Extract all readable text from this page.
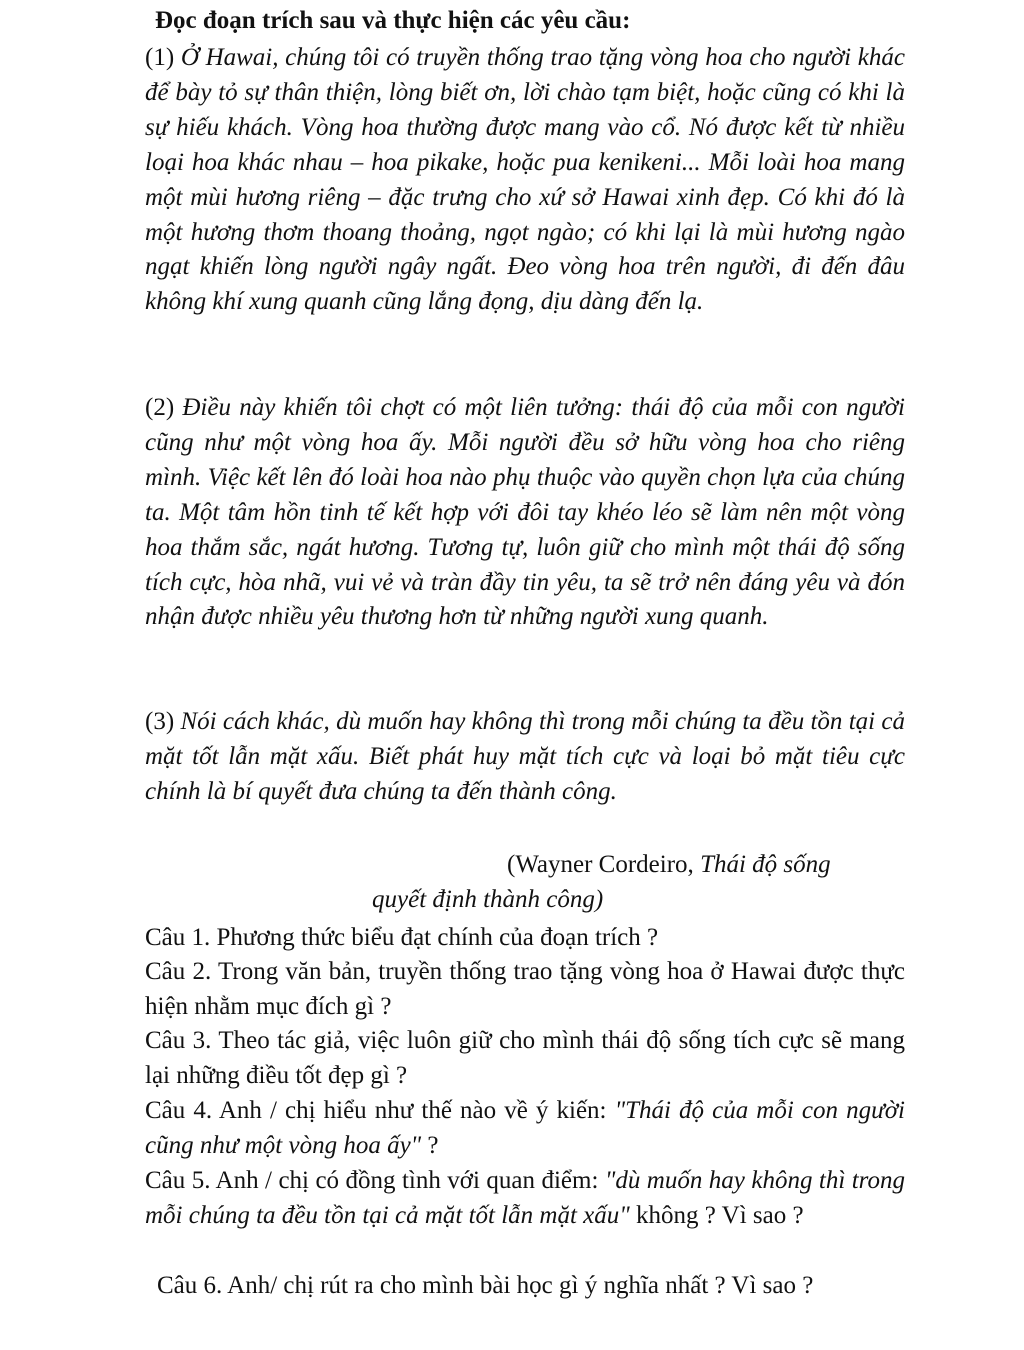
Đọc đoạn trích sau và thực hiện các yêu cầu:
(1) Ở Hawai, chúng tôi có truyền thống trao tặng vòng hoa cho người khác để bày tỏ sự thân thiện, lòng biết ơn, lời chào tạm biệt, hoặc cũng có khi là sự hiếu khách. Vòng hoa thường được mang vào cổ. Nó được kết từ nhiều loại hoa khác nhau – hoa pikake, hoặc pua kenikeni... Mỗi loài hoa mang một mùi hương riêng – đặc trưng cho xứ sở Hawai xinh đẹp. Có khi đó là một hương thơm thoang thoảng, ngọt ngào; có khi lại là mùi hương ngào ngạt khiến lòng người ngây ngất. Đeo vòng hoa trên người, đi đến đâu không khí xung quanh cũng lắng đọng, dịu dàng đến lạ.
(2) Điều này khiến tôi chợt có một liên tưởng: thái độ của mỗi con người cũng như một vòng hoa ấy. Mỗi người đều sở hữu vòng hoa cho riêng mình. Việc kết lên đó loài hoa nào phụ thuộc vào quyền chọn lựa của chúng ta. Một tâm hồn tinh tế kết hợp với đôi tay khéo léo sẽ làm nên một vòng hoa thắm sắc, ngát hương. Tương tự, luôn giữ cho mình một thái độ sống tích cực, hòa nhã, vui vẻ và tràn đầy tin yêu, ta sẽ trở nên đáng yêu và đón nhận được nhiều yêu thương hơn từ những người xung quanh.
(3) Nói cách khác, dù muốn hay không thì trong mỗi chúng ta đều tồn tại cả mặt tốt lẫn mặt xấu. Biết phát huy mặt tích cực và loại bỏ mặt tiêu cực chính là bí quyết đưa chúng ta đến thành công.
(Wayner Cordeiro, Thái độ sống
quyết định thành công)
Câu 1. Phương thức biểu đạt chính của đoạn trích ?
Câu 2. Trong văn bản, truyền thống trao tặng vòng hoa ở Hawai được thực hiện nhằm mục đích gì ?
Câu 3. Theo tác giả, việc luôn giữ cho mình thái độ sống tích cực sẽ mang lại những điều tốt đẹp gì ?
Câu 4. Anh / chị hiểu như thế nào về ý kiến: "Thái độ của mỗi con người cũng như một vòng hoa ấy" ?
Câu 5. Anh / chị có đồng tình với quan điểm: "dù muốn hay không thì trong mỗi chúng ta đều tồn tại cả mặt tốt lẫn mặt xấu" không ? Vì sao ?
Câu 6. Anh/ chị rút ra cho mình bài học gì ý nghĩa nhất ? Vì sao ?
